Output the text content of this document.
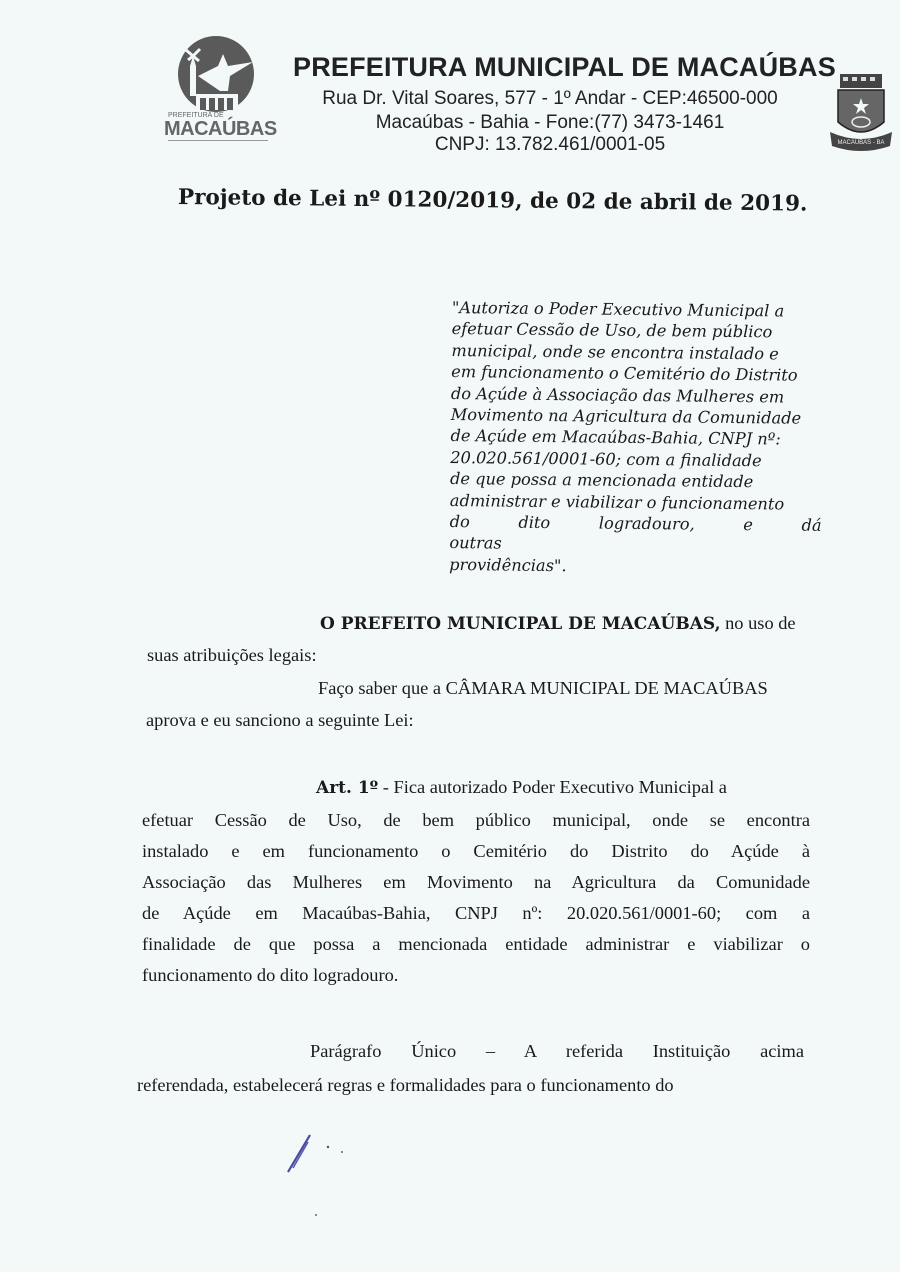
PREFEITURA DE
MACAÚBAS
PREFEITURA MUNICIPAL DE MACAÚBAS
Rua Dr. Vital Soares, 577 - 1º Andar - CEP:46500-000
Macaúbas - Bahia - Fone:(77) 3473-1461
CNPJ: 13.782.461/0001-05	MACAÚBAS - BA
Projeto de Lei nº 0120/2019, de 02 de abril de 2019.
"Autoriza o Poder Executivo Municipal a
efetuar Cessão de Uso, de bem público
municipal, onde se encontra instalado e
em funcionamento o Cemitério do Distrito
do Açúde à Associação das Mulheres em
Movimento na Agricultura da Comunidade
de Açúde em Macaúbas-Bahia, CNPJ nº:
20.020.561/0001-60; com a finalidade
de que possa a mencionada entidade
administrar e viabilizar o funcionamento
do dito logradouro, e dá outras
providências".
O PREFEITO MUNICIPAL DE MACAÚBAS, no uso de
suas atribuições legais:
Faço saber que a CÂMARA MUNICIPAL DE MACAÚBAS
aprova e eu sanciono a seguinte Lei:
Art. 1º - Fica autorizado Poder Executivo Municipal a
efetuar Cessão de Uso, de bem público municipal, onde se encontra
instalado e em funcionamento o Cemitério do Distrito do Açúde à
Associação das Mulheres em Movimento na Agricultura da Comunidade
de Açúde em Macaúbas-Bahia, CNPJ nº: 20.020.561/0001-60; com a
finalidade de que possa a mencionada entidade administrar e viabilizar o
funcionamento do dito logradouro.
Parágrafo Único – A referida Instituição acima
referendada, estabelecerá regras e formalidades para o funcionamento do
